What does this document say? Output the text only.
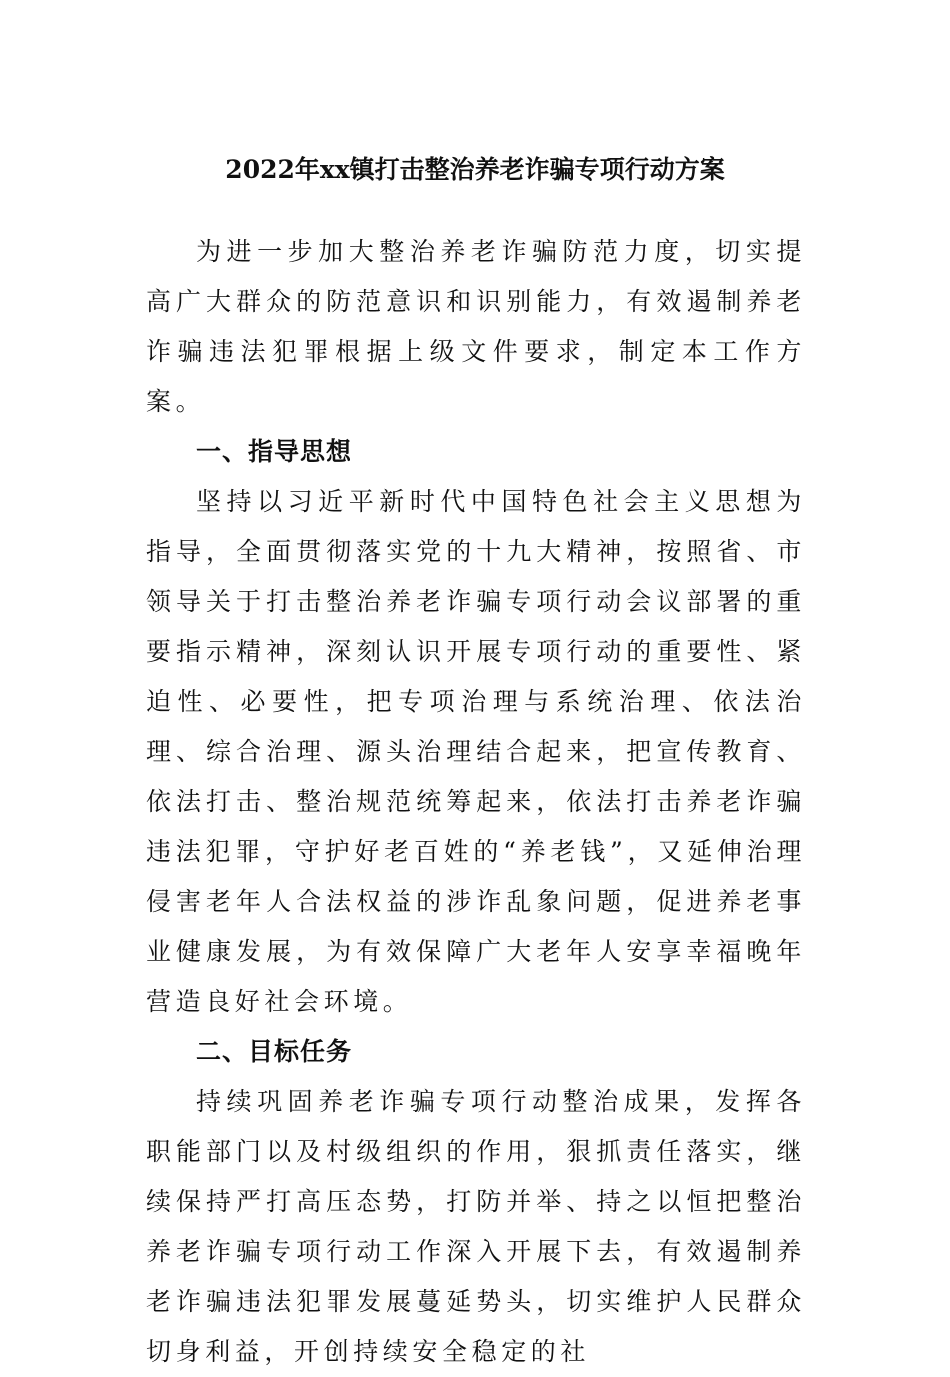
2022年xx镇打击整治养老诈骗专项行动方案

为进一步加大整治养老诈骗防范力度，切实提高广大群众的防范意识和识别能力，有效遏制养老诈骗违法犯罪根据上级文件要求，制定本工作方案。

一、指导思想

坚持以习近平新时代中国特色社会主义思想为指导，全面贯彻落实党的十九大精神，按照省、市领导关于打击整治养老诈骗专项行动会议部署的重要指示精神，深刻认识开展专项行动的重要性、紧迫性、必要性，把专项治理与系统治理、依法治理、综合治理、源头治理结合起来，把宣传教育、依法打击、整治规范统筹起来，依法打击养老诈骗违法犯罪，守护好老百姓的“养老钱”，又延伸治理侵害老年人合法权益的涉诈乱象问题，促进养老事业健康发展，为有效保障广大老年人安享幸福晚年营造良好社会环境。

二、目标任务

持续巩固养老诈骗专项行动整治成果，发挥各职能部门以及村级组织的作用，狠抓责任落实，继续保持严打高压态势，打防并举、持之以恒把整治养老诈骗专项行动工作深入开展下去，有效遏制养老诈骗违法犯罪发展蔓延势头，切实维护人民群众切身利益，开创持续安全稳定的社
